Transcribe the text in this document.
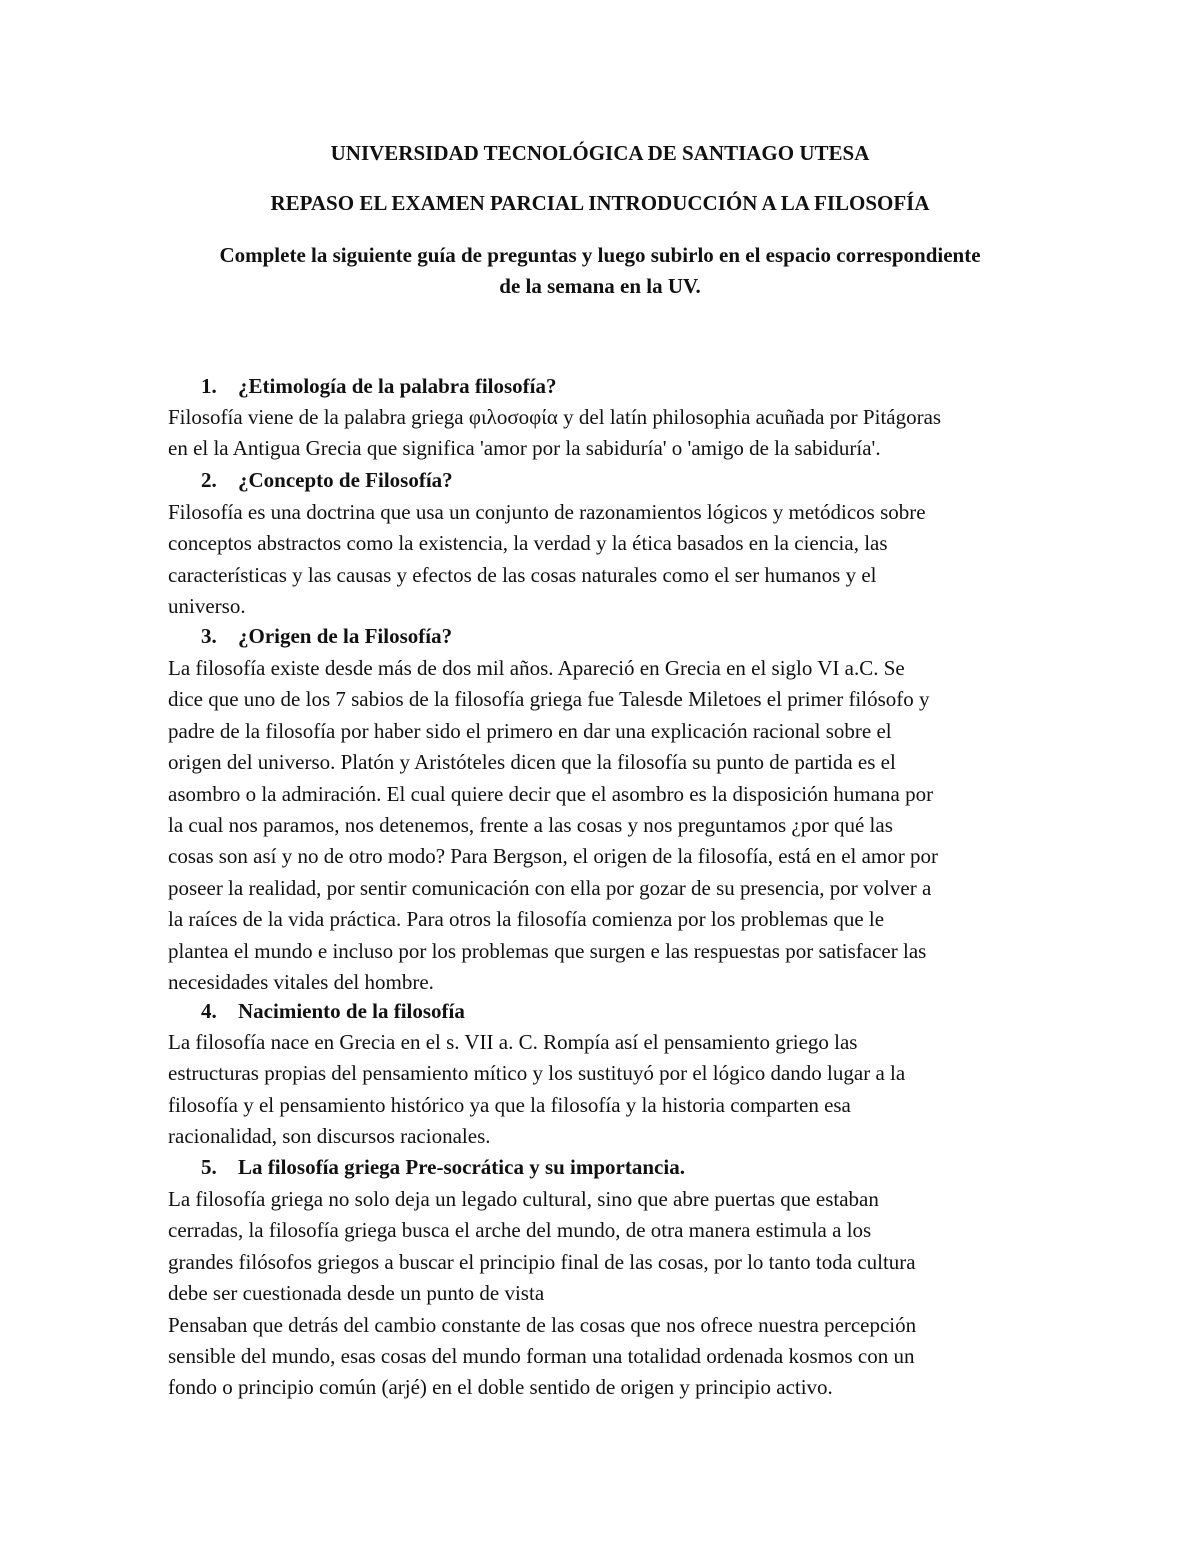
UNIVERSIDAD TECNOLÓGICA DE SANTIAGO UTESA
REPASO EL EXAMEN PARCIAL INTRODUCCIÓN A LA FILOSOFÍA
Complete la siguiente guía de preguntas y luego subirlo en el espacio correspondiente
de la semana en la UV.
1. ¿Etimología de la palabra filosofía?
Filosofía viene de la palabra griega φιλοσοφία y del latín philosophia acuñada por Pitágoras
en el la Antigua Grecia que significa 'amor por la sabiduría' o 'amigo de la sabiduría'.
2. ¿Concepto de Filosofía?
Filosofía es una doctrina que usa un conjunto de razonamientos lógicos y metódicos sobre
conceptos abstractos como la existencia, la verdad y la ética basados en la ciencia, las
características y las causas y efectos de las cosas naturales como el ser humanos y el
universo.
3. ¿Origen de la Filosofía?
La filosofía existe desde más de dos mil años. Apareció en Grecia en el siglo VI a.C. Se
dice que uno de los 7 sabios de la filosofía griega fue Talesde Miletoes el primer filósofo y
padre de la filosofía por haber sido el primero en dar una explicación racional sobre el
origen del universo. Platón y Aristóteles dicen que la filosofía su punto de partida es el
asombro o la admiración. El cual quiere decir que el asombro es la disposición humana por
la cual nos paramos, nos detenemos, frente a las cosas y nos preguntamos ¿por qué las
cosas son así y no de otro modo? Para Bergson, el origen de la filosofía, está en el amor por
poseer la realidad, por sentir comunicación con ella por gozar de su presencia, por volver a
la raíces de la vida práctica. Para otros la filosofía comienza por los problemas que le
plantea el mundo e incluso por los problemas que surgen e las respuestas por satisfacer las
necesidades vitales del hombre.
4. Nacimiento de la filosofía
La filosofía nace en Grecia en el s. VII a. C. Rompía así el pensamiento griego las
estructuras propias del pensamiento mítico y los sustituyó por el lógico dando lugar a la
filosofía y el pensamiento histórico ya que la filosofía y la historia comparten esa
racionalidad, son discursos racionales.
5. La filosofía griega Pre-socrática y su importancia.
La filosofía griega no solo deja un legado cultural, sino que abre puertas que estaban
cerradas, la filosofía griega busca el arche del mundo, de otra manera estimula a los
grandes filósofos griegos a buscar el principio final de las cosas, por lo tanto toda cultura
debe ser cuestionada desde un punto de vista
Pensaban que detrás del cambio constante de las cosas que nos ofrece nuestra percepción
sensible del mundo, esas cosas del mundo forman una totalidad ordenada kosmos con un
fondo o principio común (arjé) en el doble sentido de origen y principio activo.
